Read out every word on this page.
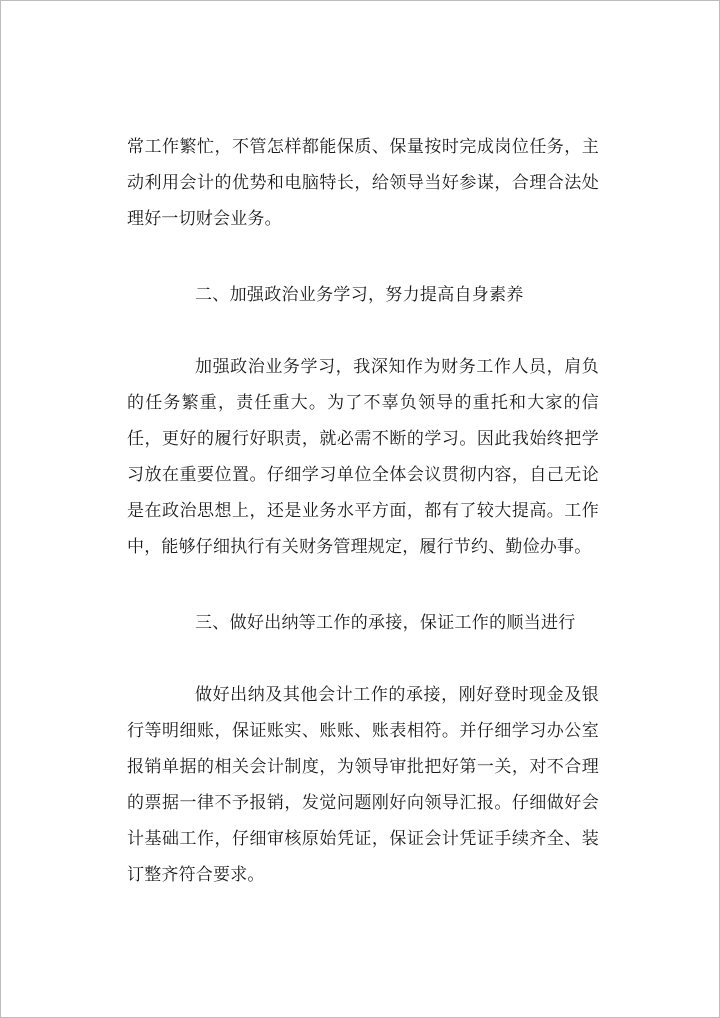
常工作繁忙，不管怎样都能保质、保量按时完成岗位任务，主动利用会计的优势和电脑特长，给领导当好参谋，合理合法处理好一切财会业务。

二、加强政治业务学习，努力提高自身素养

加强政治业务学习，我深知作为财务工作人员，肩负的任务繁重，责任重大。为了不辜负领导的重托和大家的信任，更好的履行好职责，就必需不断的学习。因此我始终把学习放在重要位置。仔细学习单位全体会议贯彻内容，自己无论是在政治思想上，还是业务水平方面，都有了较大提高。工作中，能够仔细执行有关财务管理规定，履行节约、勤俭办事。

三、做好出纳等工作的承接，保证工作的顺当进行

做好出纳及其他会计工作的承接，刚好登时现金及银行等明细账，保证账实、账账、账表相符。并仔细学习办公室报销单据的相关会计制度，为领导审批把好第一关，对不合理的票据一律不予报销，发觉问题刚好向领导汇报。仔细做好会计基础工作，仔细审核原始凭证，保证会计凭证手续齐全、装订整齐符合要求。
